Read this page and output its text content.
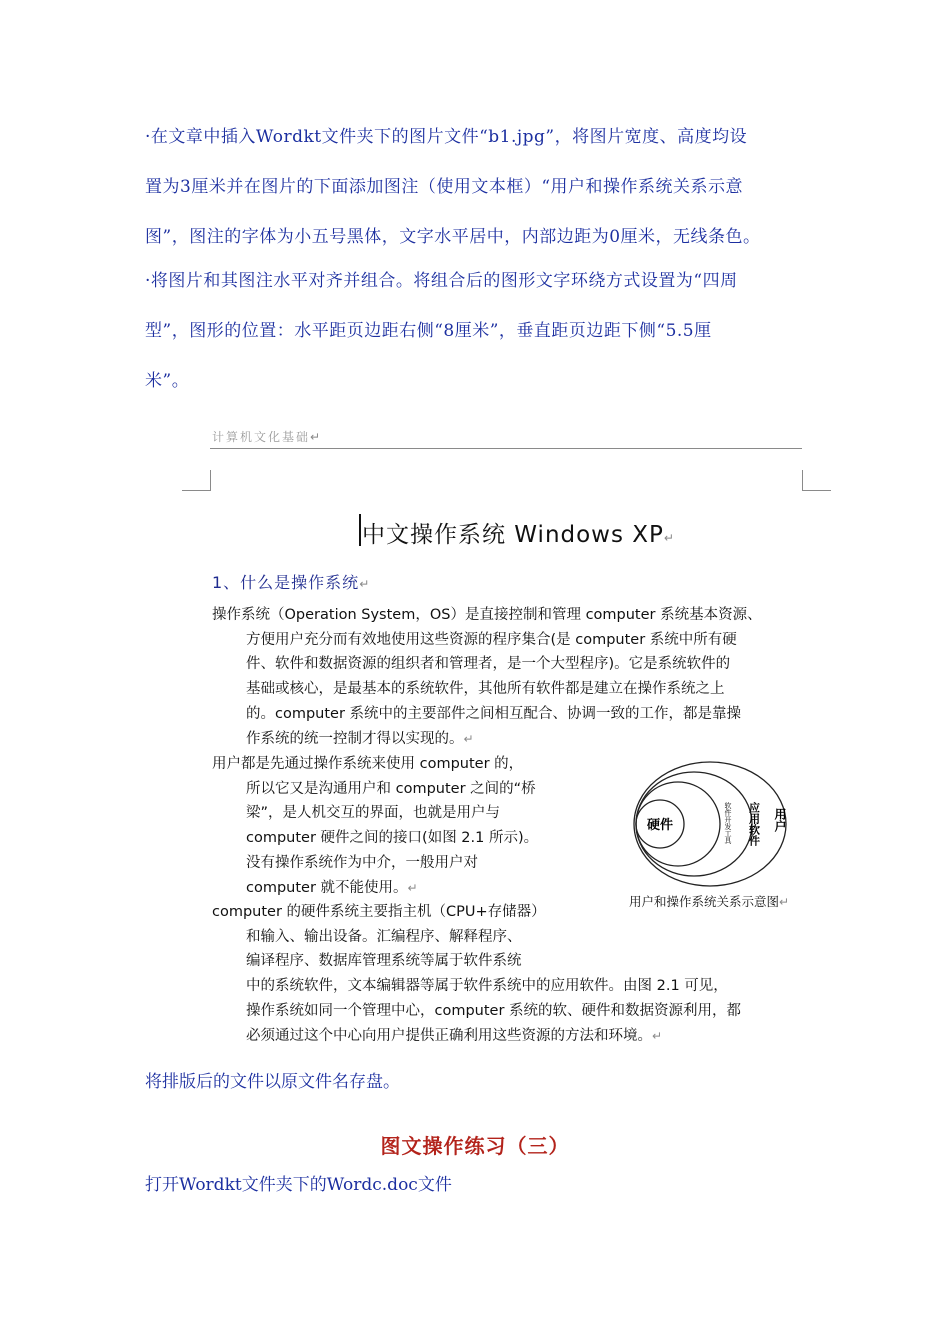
·在文章中插入Wordkt文件夹下的图片文件“b1.jpg”，将图片宽度、高度均设
置为3厘米并在图片的下面添加图注（使用文本框）“用户和操作系统关系示意
图”，图注的字体为小五号黑体，文字水平居中，内部边距为0厘米，无线条色。
·将图片和其图注水平对齐并组合。将组合后的图形文字环绕方式设置为“四周
型”，图形的位置：水平距页边距右侧“8厘米”，垂直距页边距下侧“5.5厘
米”。
计算机文化基础↵
中文操作系统 Windows XP↵
1、什么是操作系统↵
操作系统（Operation System，OS）是直接控制和管理 computer 系统基本资源、
方便用户充分而有效地使用这些资源的程序集合(是 computer 系统中所有硬
件、软件和数据资源的组织者和管理者，是一个大型程序)。它是系统软件的
基础或核心，是最基本的系统软件，其他所有软件都是建立在操作系统之上
的。computer 系统中的主要部件之间相互配合、协调一致的工作，都是靠操
作系统的统一控制才得以实现的。↵
用户都是先通过操作系统来使用 computer 的，
所以它又是沟通用户和 computer 之间的“桥
梁”，是人机交互的界面，也就是用户与
computer 硬件之间的接口(如图 2.1 所示)。
没有操作系统作为中介，一般用户对
computer 就不能使用。↵
硬件	软件开发工具 应用软件 用户
用户和操作系统关系示意图↵
computer 的硬件系统主要指主机（CPU+存储器）
和输入、输出设备。汇编程序、解释程序、
编译程序、数据库管理系统等属于软件系统
中的系统软件，文本编辑器等属于软件系统中的应用软件。由图 2.1 可见，
操作系统如同一个管理中心，computer 系统的软、硬件和数据资源利用，都
必须通过这个中心向用户提供正确利用这些资源的方法和环境。↵
将排版后的文件以原文件名存盘。
图文操作练习（三）
打开Wordkt文件夹下的Wordc.doc文件
